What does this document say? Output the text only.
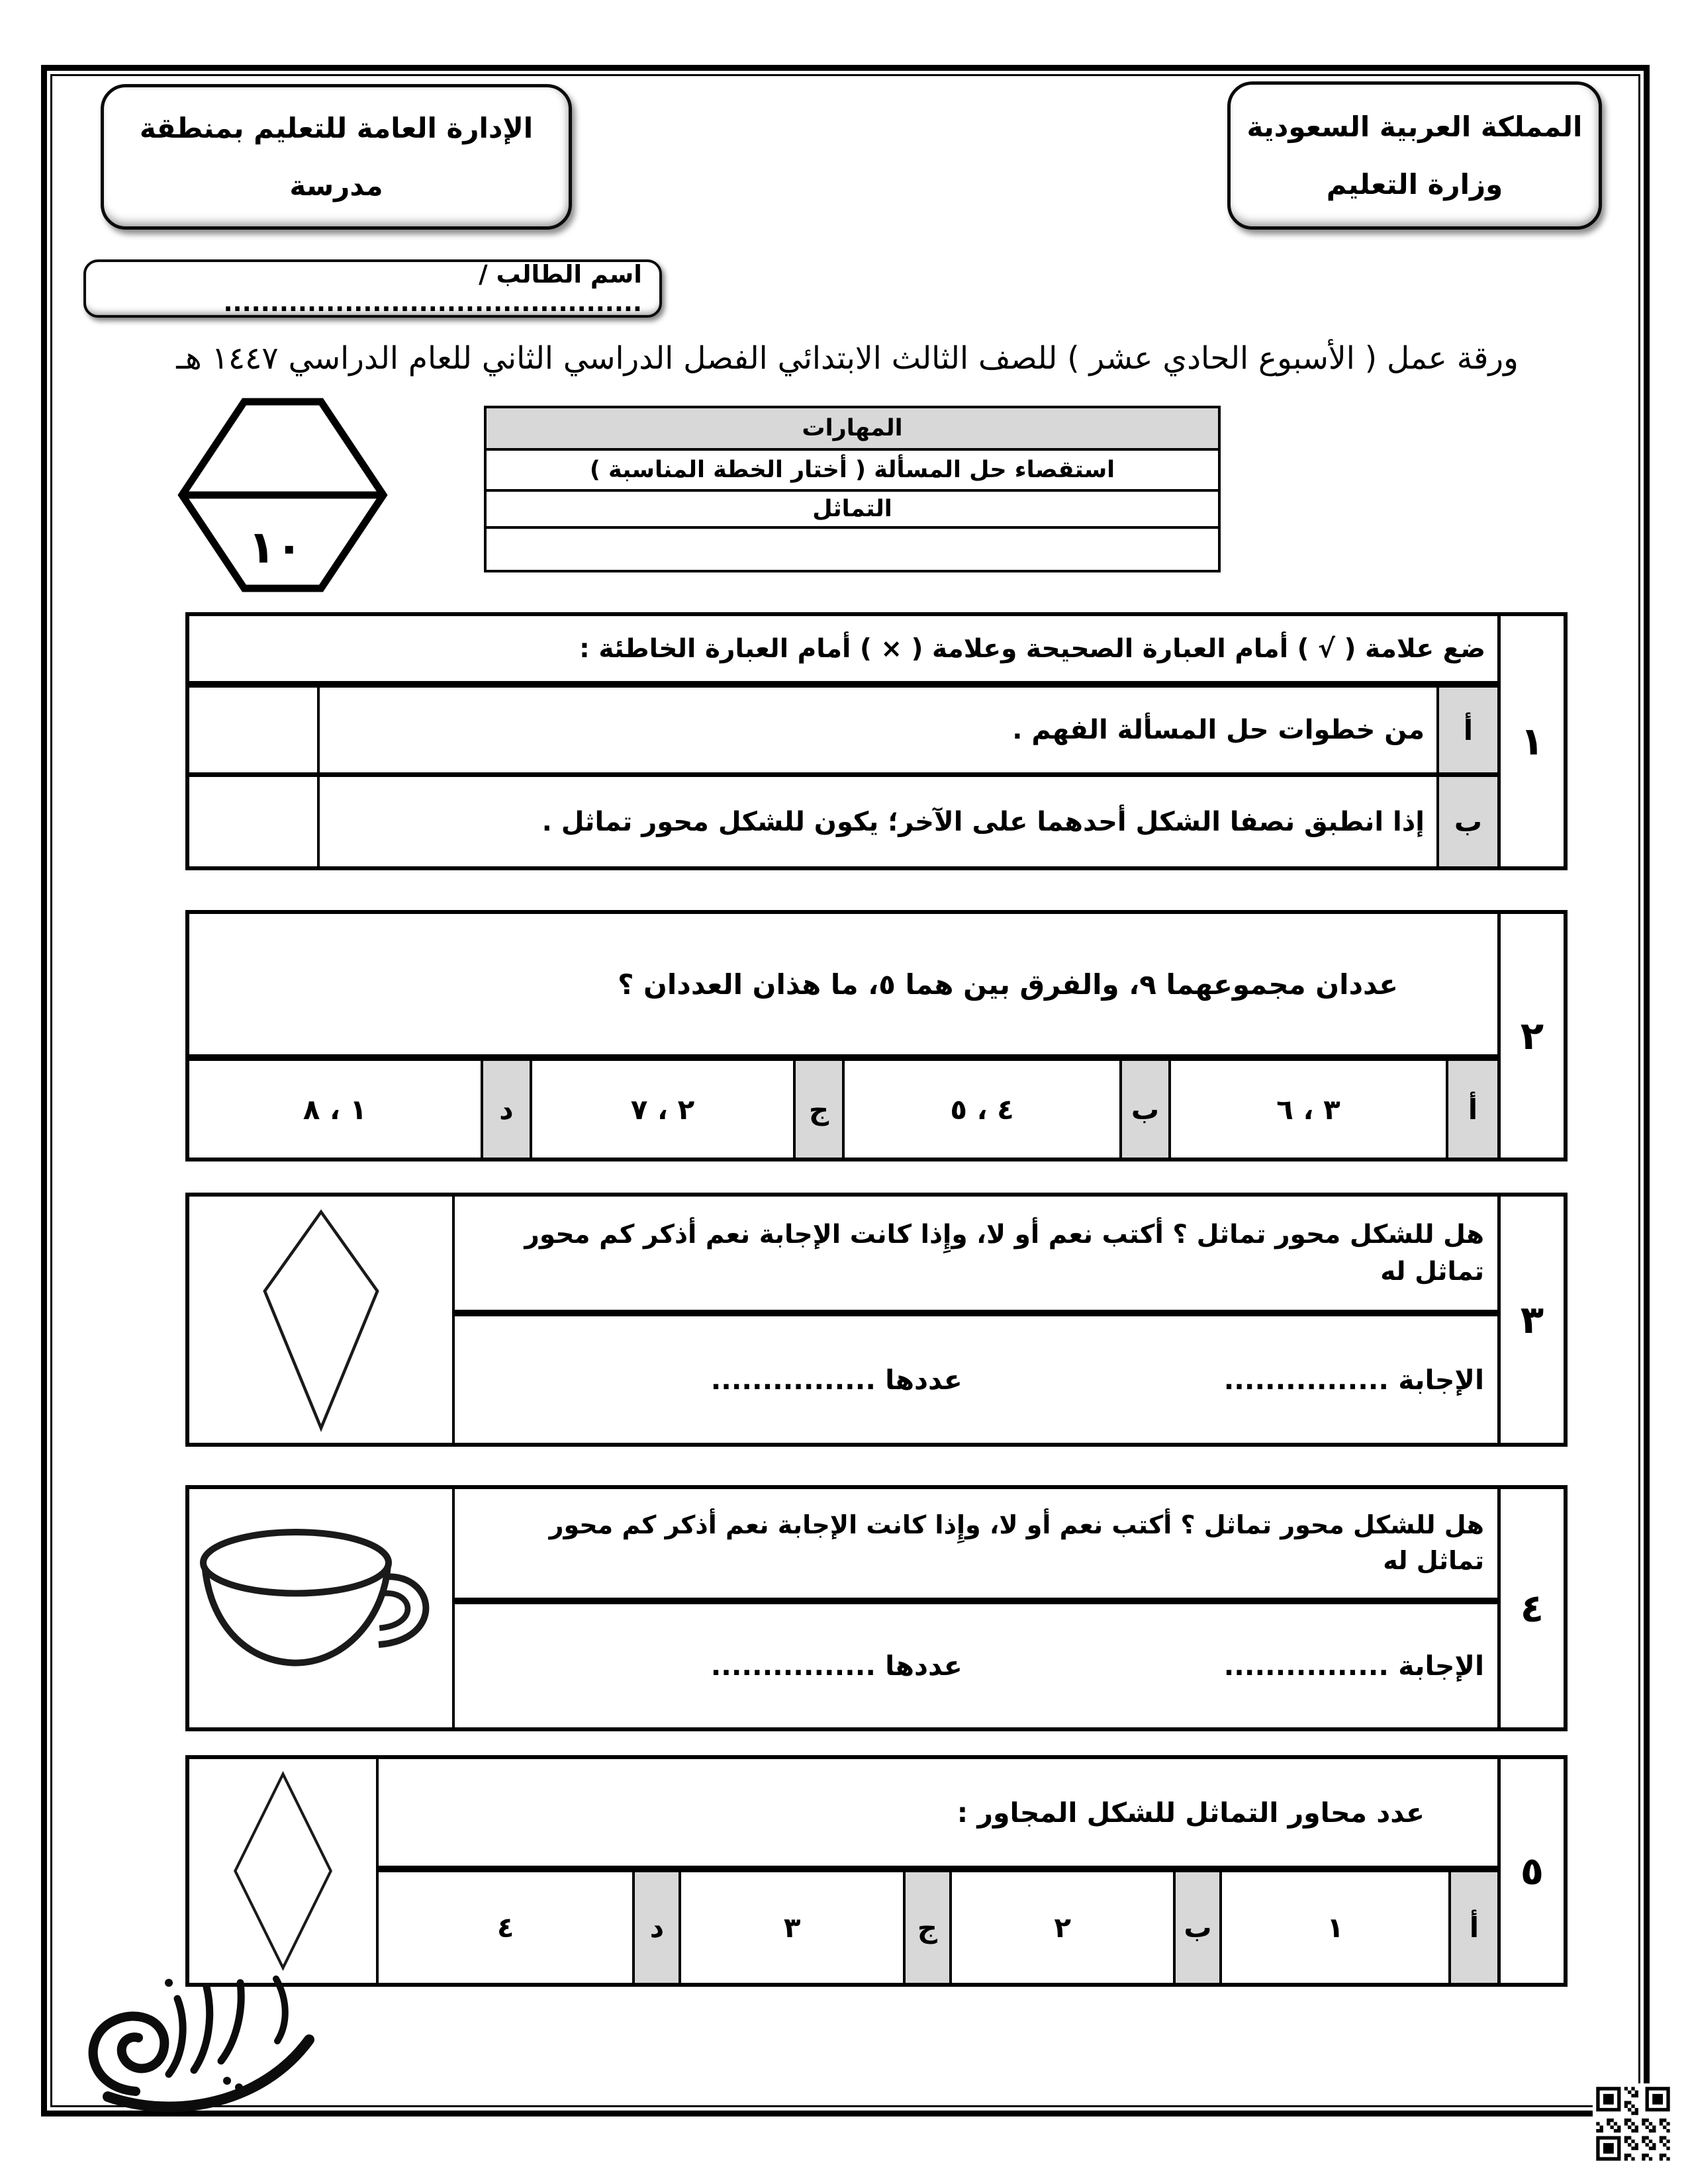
المملكة العربية السعودية
وزارة التعليم
الإدارة العامة للتعليم بمنطقة
مدرسة
اسم الطالب / .............................................
ورقة عمل ( الأسبوع الحادي عشر ) للصف الثالث الابتدائي الفصل الدراسي الثاني للعام الدراسي ١٤٤٧ هـ
١٠
المهارات
استقصاء حل المسألة ( أختار الخطة المناسبة )
التماثل
ضع علامة ( √ ) أمام العبارة الصحيحة وعلامة ( × ) أمام العبارة الخاطئة :
١
من خطوات حل المسألة الفهم .	أ
إذا انطبق نصفا الشكل أحدهما على الآخر؛ يكون للشكل محور تماثل .	ب
عددان مجموعهما ٩، والفرق بين هما ٥، ما هذان العددان ؟
٢
١ ، ٨	د	٢ ، ٧	ج	٤ ، ٥	ب	٣ ، ٦	أ
هل للشكل محور تماثل ؟ أكتب نعم أو لا، وإِذا كانت الإجابة نعم أذكر كم محور تماثل له
الإجابة ................
عددها ................
٣
هل للشكل محور تماثل ؟ أكتب نعم أو لا، وإِذا كانت الإجابة نعم أذكر كم محور تماثل له
الإجابة ................
عددها ................
٤
عدد محاور التماثل للشكل المجاور :
٤	د	٣	ج	٢	ب	١	أ
٥
